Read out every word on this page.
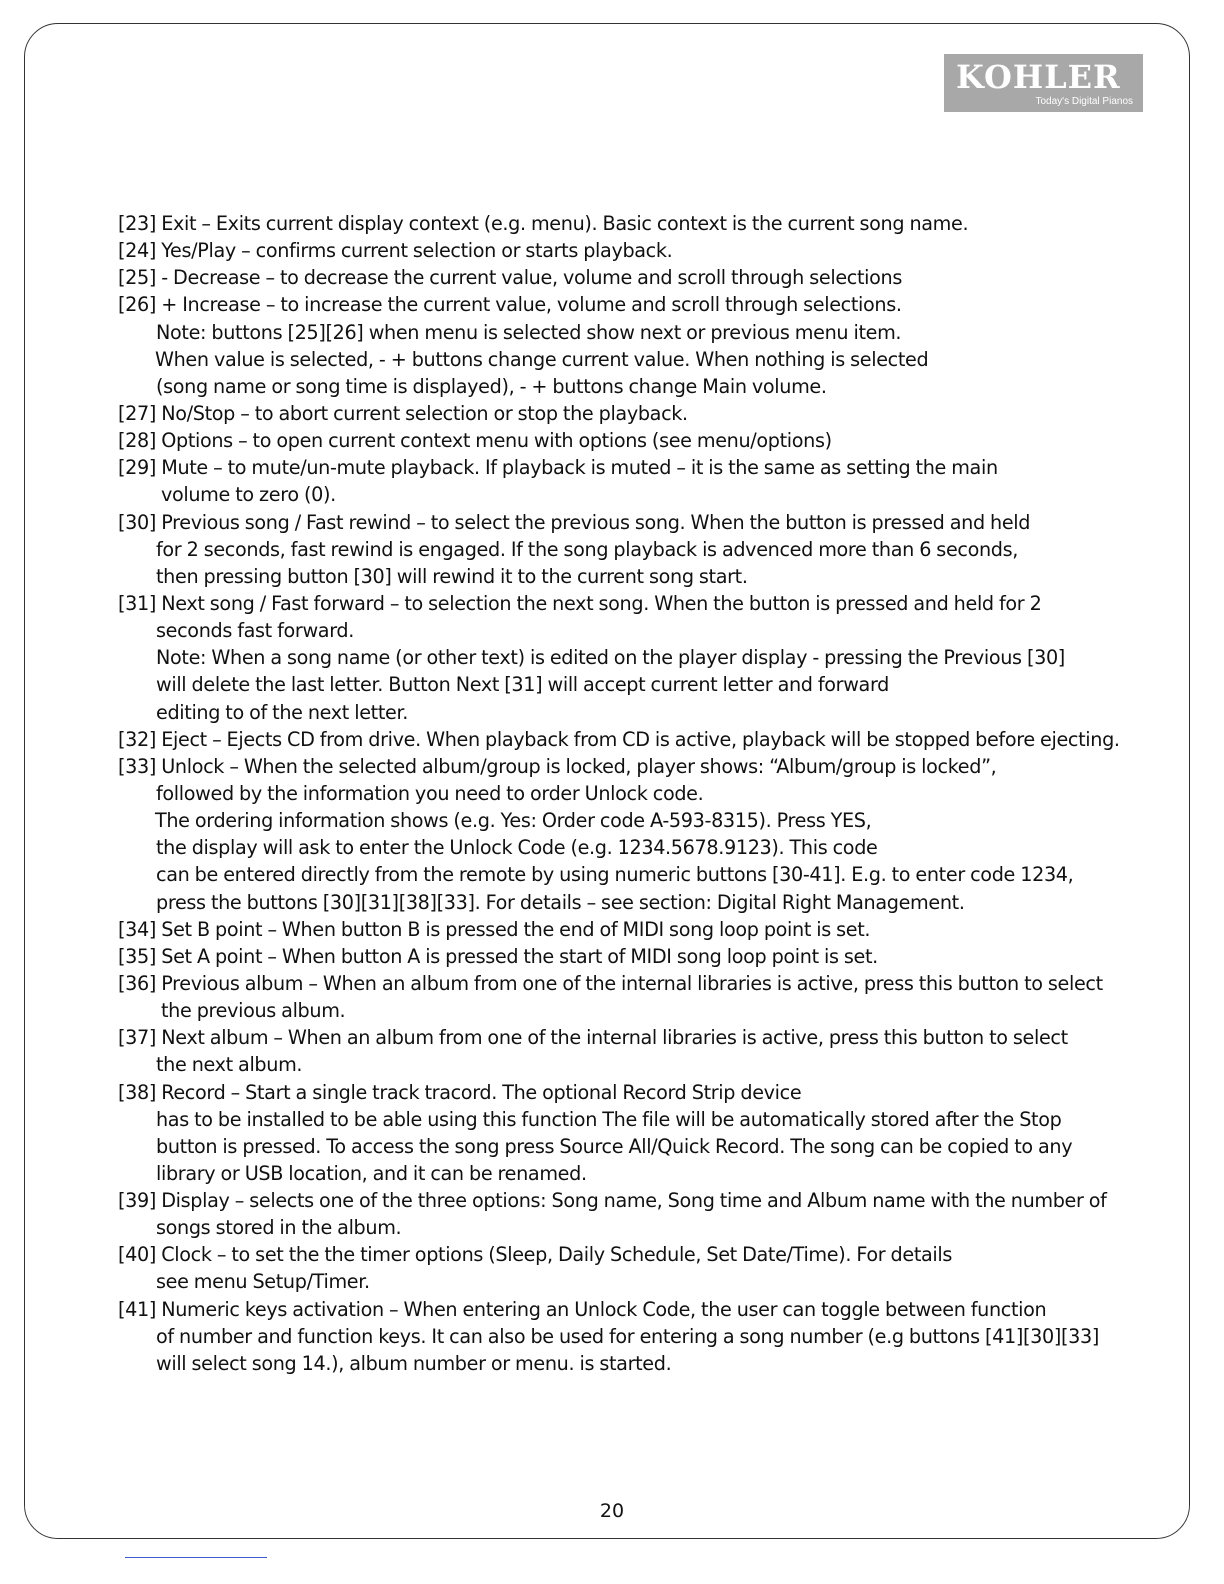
KOHLER
Today's Digital Pianos
[23] Exit – Exits current display context (e.g. menu). Basic context is the current song name.
[24] Yes/Play – confirms current selection or starts playback.
[25] - Decrease – to decrease the current value, volume and scroll through selections
[26] + Increase – to increase the current value, volume and scroll through selections.
Note: buttons [25][26] when menu is selected show next or previous menu item.
When value is selected, - + buttons change current value. When nothing is selected
(song name or song time is displayed), - + buttons change Main volume.
[27] No/Stop – to abort current selection or stop the playback.
[28] Options – to open current context menu with options (see menu/options)
[29] Mute – to mute/un-mute playback. If playback is muted – it is the same as setting the main
volume to zero (0).
[30] Previous song / Fast rewind – to select the previous song. When the button is pressed and held
for 2 seconds, fast rewind is engaged. If the song playback is advenced more than 6 seconds,
then pressing button [30] will rewind it to the current song start.
[31] Next song / Fast forward – to selection the next song. When the button is pressed and held for 2
seconds fast forward.
Note: When a song name (or other text) is edited on the player display - pressing the Previous [30]
will delete the last letter. Button Next [31] will accept current letter and forward
editing to of the next letter.
[32] Eject – Ejects CD from drive. When playback from CD is active, playback will be stopped before ejecting.
[33] Unlock – When the selected album/group is locked, player shows: “Album/group is locked”,
followed by the information you need to order Unlock code.
The ordering information shows (e.g. Yes: Order code A-593-8315). Press YES,
the display will ask to enter the Unlock Code (e.g. 1234.5678.9123). This code
can be entered directly from the remote by using numeric buttons [30-41]. E.g. to enter code 1234,
press the buttons [30][31][38][33]. For details – see section: Digital Right Management.
[34] Set B point – When button B is pressed the end of MIDI song loop point is set.
[35] Set A point – When button A is pressed the start of MIDI song loop point is set.
[36] Previous album – When an album from one of the internal libraries is active, press this button to select
the previous album.
[37] Next album – When an album from one of the internal libraries is active, press this button to select
the next album.
[38] Record – Start a single track tracord. The optional Record Strip device
has to be installed to be able using this function The file will be automatically stored after the Stop
button is pressed. To access the song press Source All/Quick Record. The song can be copied to any
library or USB location, and it can be renamed.
[39] Display – selects one of the three options: Song name, Song time and Album name with the number of
songs stored in the album.
[40] Clock – to set the the timer options (Sleep, Daily Schedule, Set Date/Time). For details
see menu Setup/Timer.
[41] Numeric keys activation – When entering an Unlock Code, the user can toggle between function
of number and function keys. It can also be used for entering a song number (e.g buttons [41][30][33]
will select song 14.), album number or menu. is started.
20
